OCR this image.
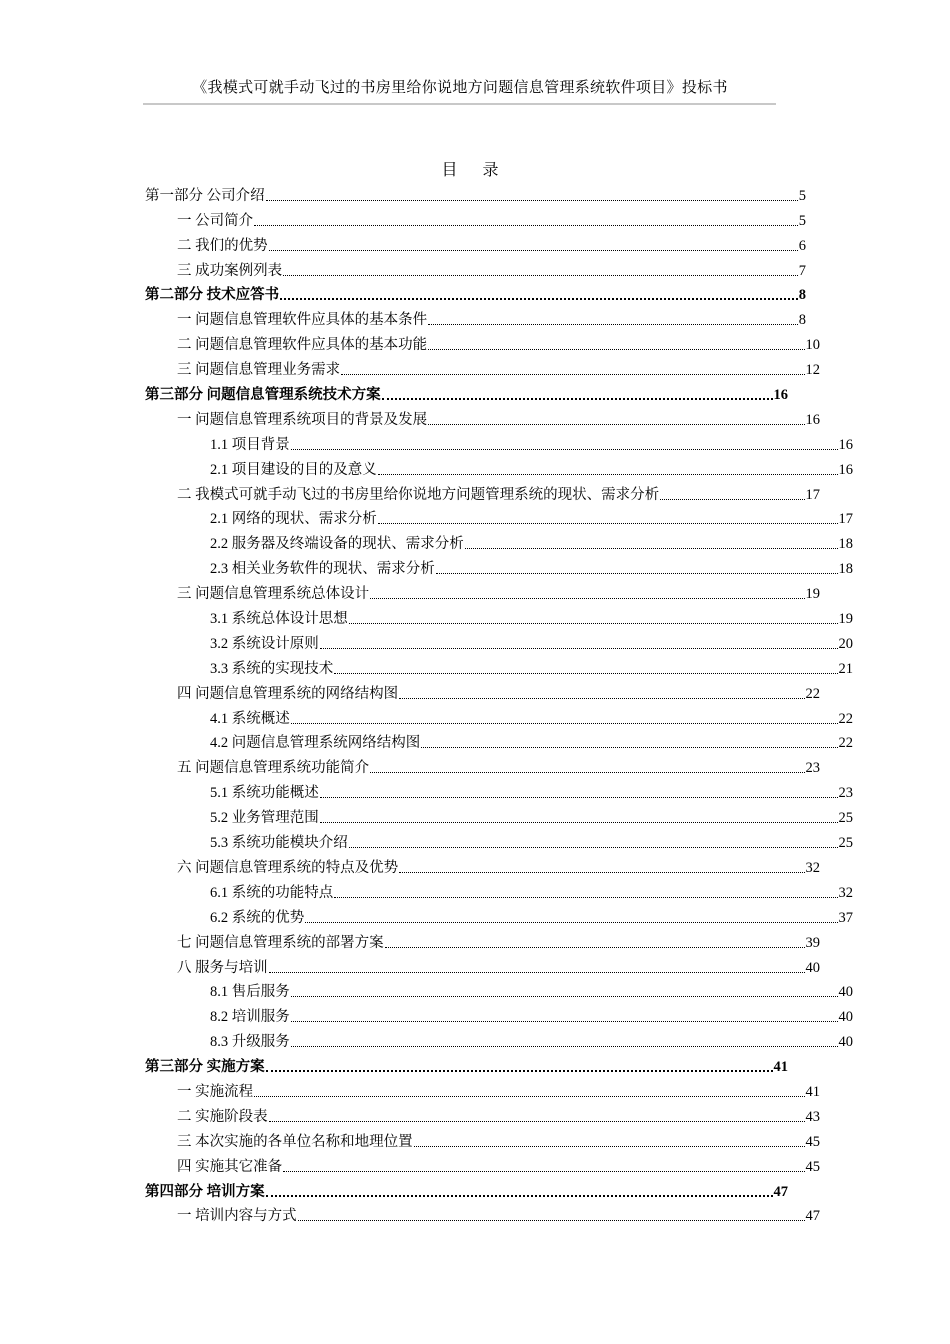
《我模式可就手动飞过的书房里给你说地方问题信息管理系统软件项目》投标书
目 录
第一部分 公司介绍	5
一 公司简介	5
二 我们的优势	6
三 成功案例列表	7
第二部分 技术应答书	8
一 问题信息管理软件应具体的基本条件	8
二 问题信息管理软件应具体的基本功能	10
三 问题信息管理业务需求	12
第三部分 问题信息管理系统技术方案	16
一 问题信息管理系统项目的背景及发展	16
1.1 项目背景	16
2.1 项目建设的目的及意义	16
二 我模式可就手动飞过的书房里给你说地方问题管理系统的现状、需求分析	17
2.1 网络的现状、需求分析	17
2.2 服务器及终端设备的现状、需求分析	18
2.3 相关业务软件的现状、需求分析	18
三 问题信息管理系统总体设计	19
3.1 系统总体设计思想	19
3.2 系统设计原则	20
3.3 系统的实现技术	21
四 问题信息管理系统的网络结构图	22
4.1 系统概述	22
4.2 问题信息管理系统网络结构图	22
五 问题信息管理系统功能简介	23
5.1 系统功能概述	23
5.2 业务管理范围	25
5.3 系统功能模块介绍	25
六 问题信息管理系统的特点及优势	32
6.1 系统的功能特点	32
6.2 系统的优势	37
七 问题信息管理系统的部署方案	39
八 服务与培训	40
8.1 售后服务	40
8.2 培训服务	40
8.3 升级服务	40
第三部分 实施方案	41
一 实施流程	41
二 实施阶段表	43
三 本次实施的各单位名称和地理位置	45
四 实施其它准备	45
第四部分 培训方案	47
一 培训内容与方式	47
